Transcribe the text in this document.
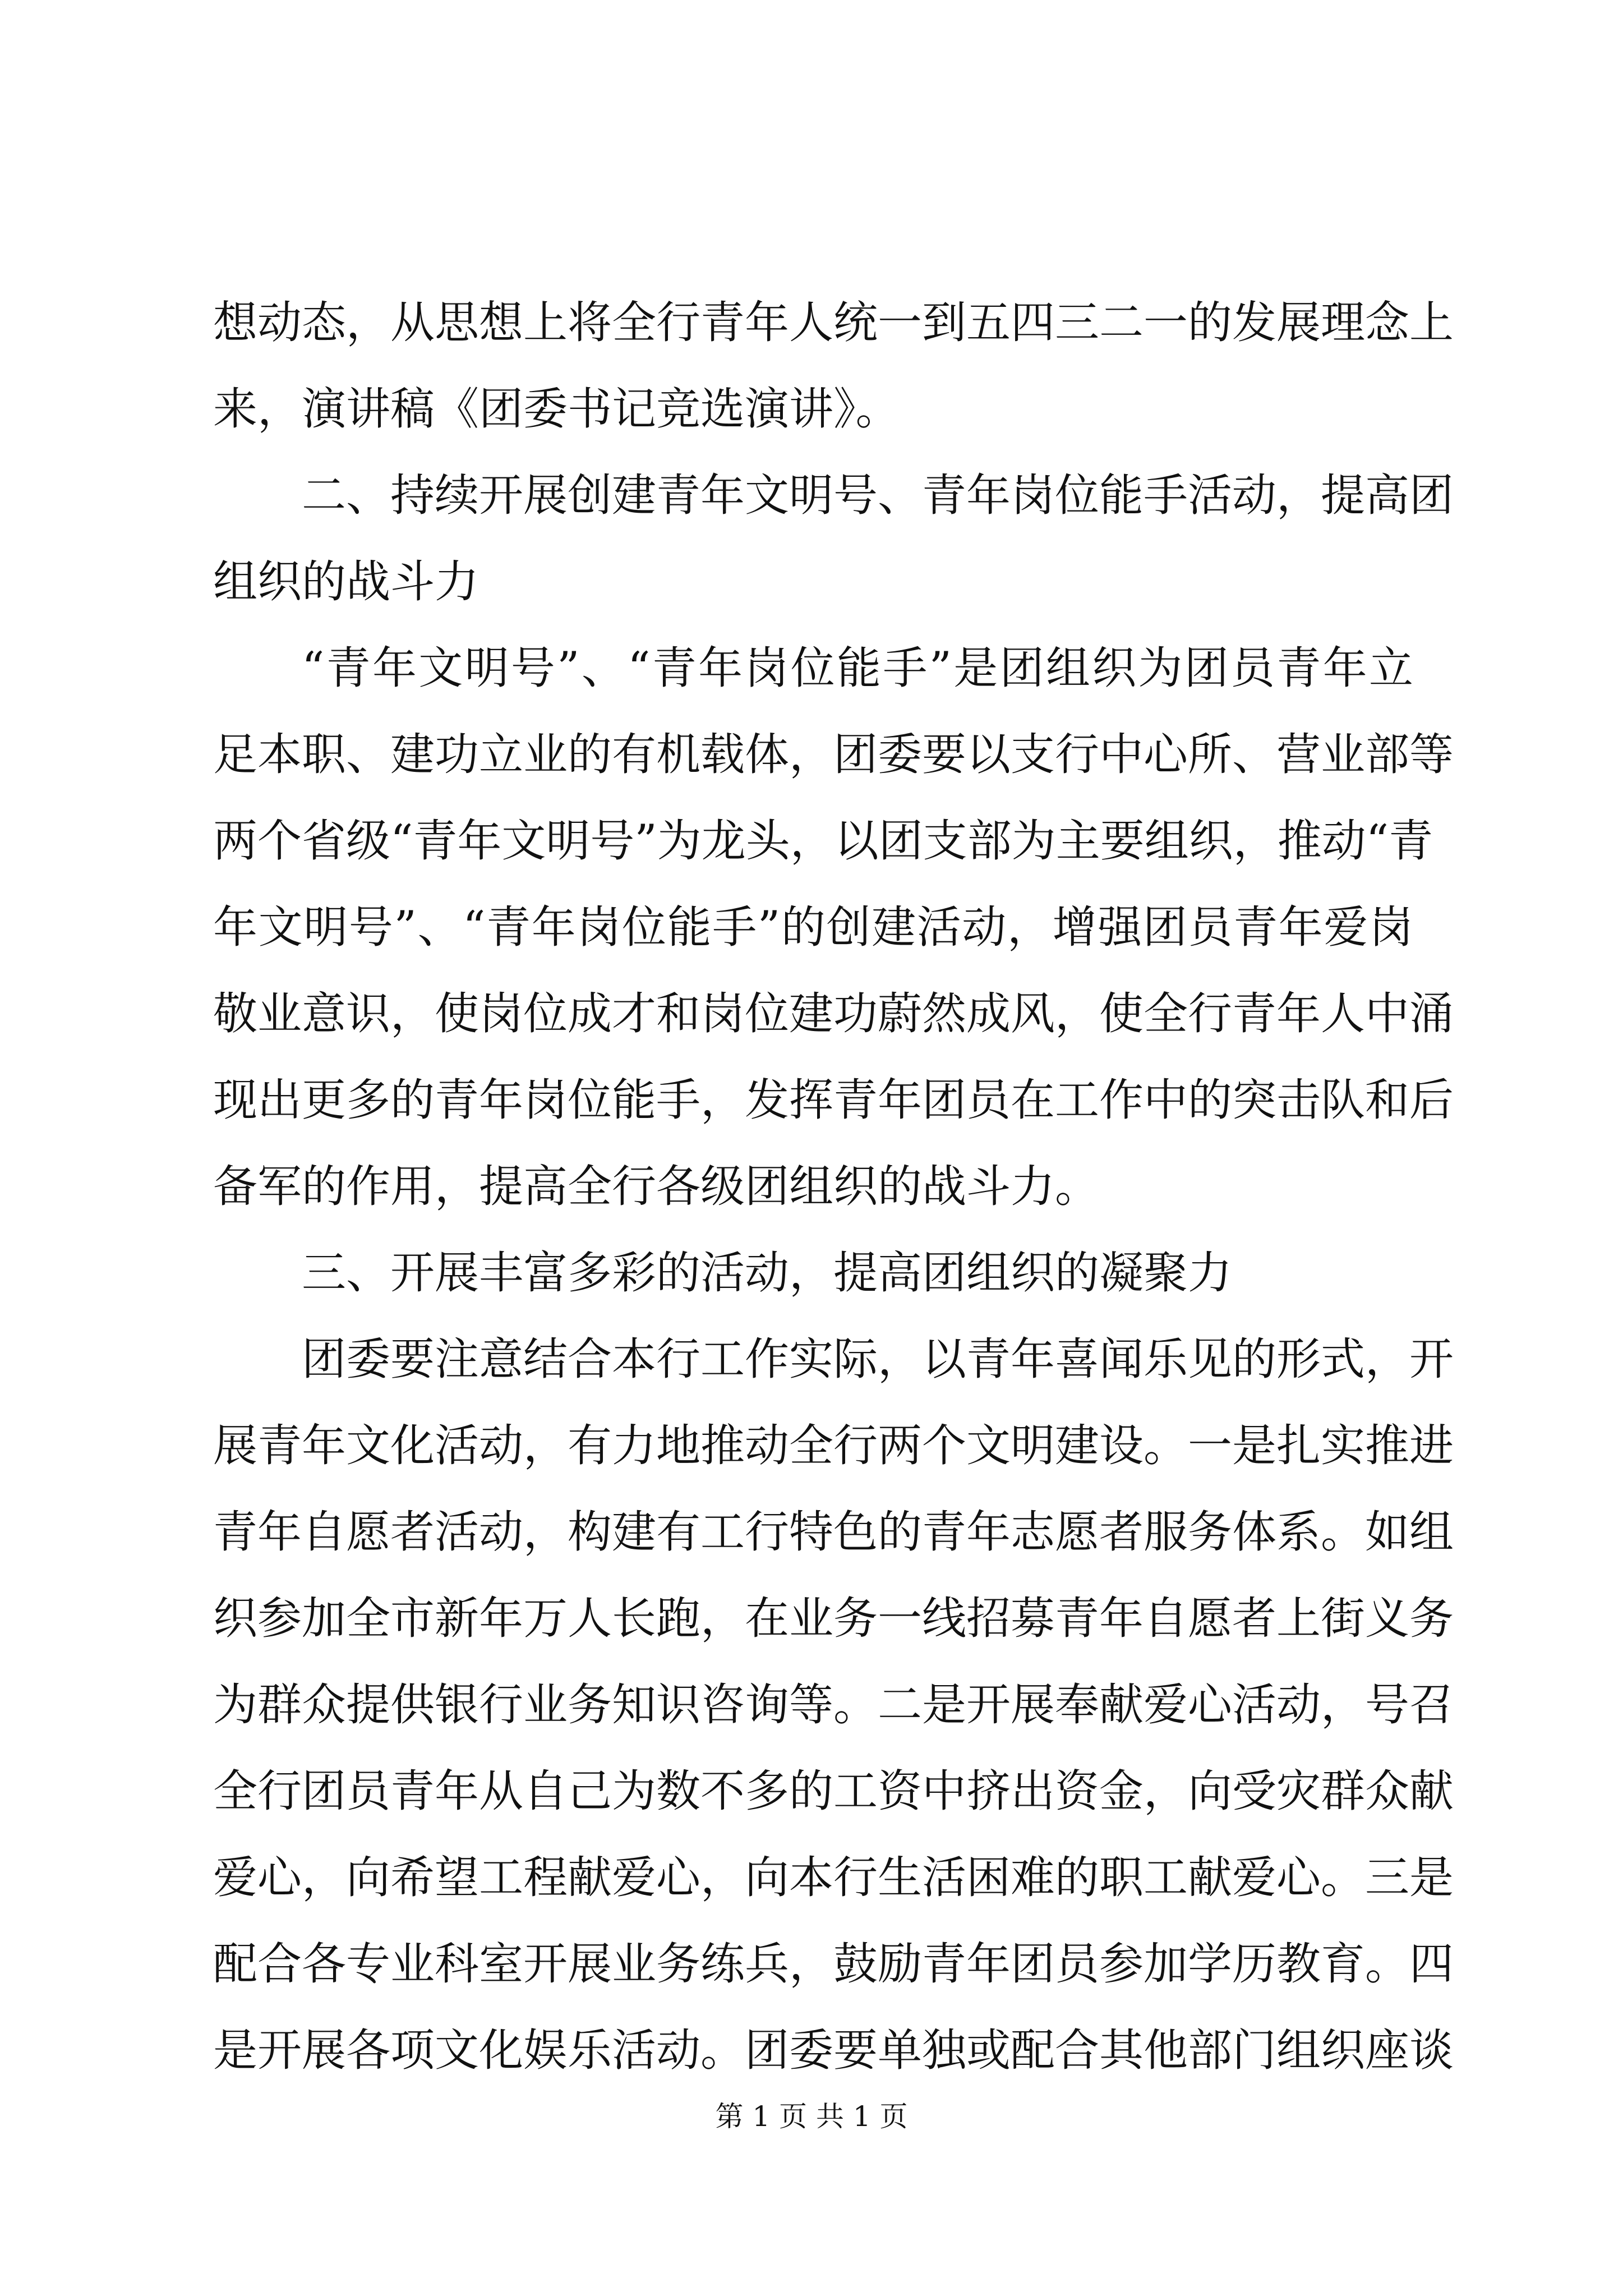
想动态，从思想上将全行青年人统一到五四三二一的发展理念上
来，演讲稿《团委书记竞选演讲》。

二、持续开展创建青年文明号、青年岗位能手活动，提高团
组织的战斗力

“青年文明号”、“青年岗位能手”是团组织为团员青年立
足本职、建功立业的有机载体，团委要以支行中心所、营业部等
两个省级“青年文明号”为龙头，以团支部为主要组织，推动“青
年文明号”、“青年岗位能手”的创建活动，增强团员青年爱岗
敬业意识，使岗位成才和岗位建功蔚然成风，使全行青年人中涌
现出更多的青年岗位能手，发挥青年团员在工作中的突击队和后
备军的作用，提高全行各级团组织的战斗力。

三、开展丰富多彩的活动，提高团组织的凝聚力

团委要注意结合本行工作实际，以青年喜闻乐见的形式，开
展青年文化活动，有力地推动全行两个文明建设。一是扎实推进
青年自愿者活动，构建有工行特色的青年志愿者服务体系。如组
织参加全市新年万人长跑，在业务一线招募青年自愿者上街义务
为群众提供银行业务知识咨询等。二是开展奉献爱心活动，号召
全行团员青年从自己为数不多的工资中挤出资金，向受灾群众献
爱心，向希望工程献爱心，向本行生活困难的职工献爱心。三是
配合各专业科室开展业务练兵，鼓励青年团员参加学历教育。四
是开展各项文化娱乐活动。团委要单独或配合其他部门组织座谈

第 1 页 共 1 页
